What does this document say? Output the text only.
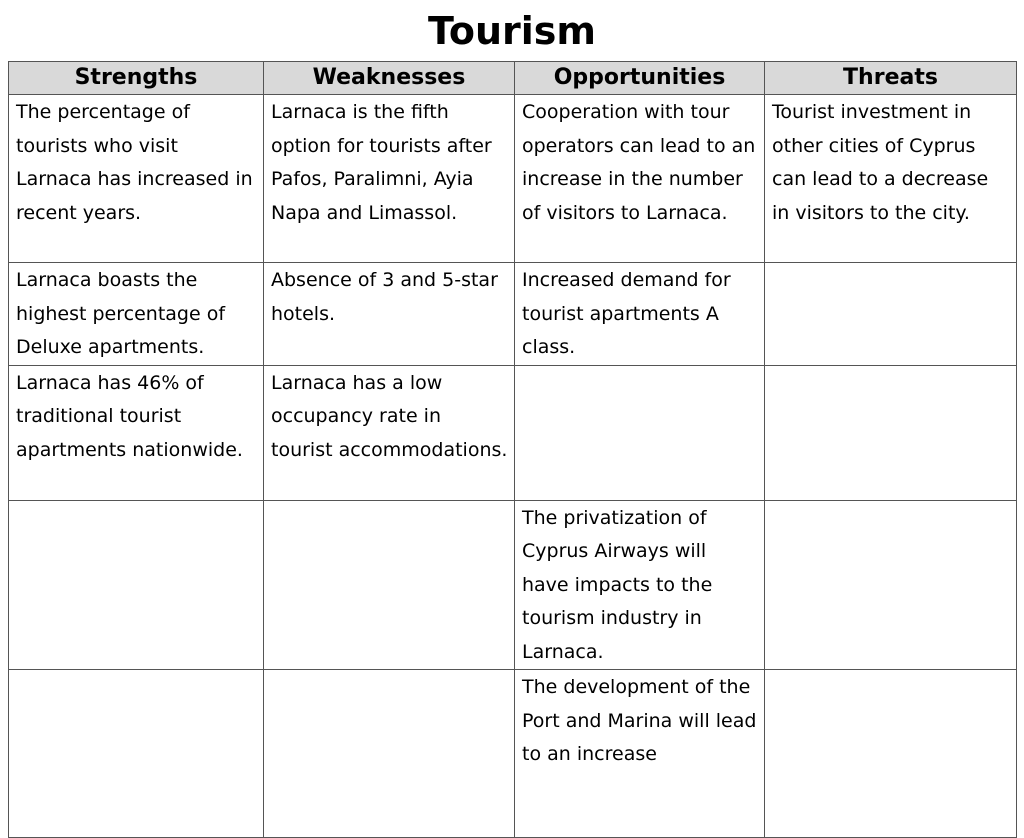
Tourism
Strengths	Weaknesses	Opportunities	Threats
The percentage of tourists who visit Larnaca has increased in recent years.	Larnaca is the fifth option for tourists after Pafos, Paralimni, Ayia Napa and Limassol.	Cooperation with tour operators can lead to an increase in the number of visitors to Larnaca.	Tourist investment in other cities of Cyprus can lead to a decrease in visitors to the city.
Larnaca boasts the highest percentage of Deluxe apartments.	Absence of 3 and 5-star hotels.	Increased demand for tourist apartments A class.	
Larnaca has 46% of traditional tourist apartments nationwide.	Larnaca has a low occupancy rate in tourist accommodations.		
		The privatization of Cyprus Airways will have impacts to the tourism industry in Larnaca.	
		The development of the Port and Marina will lead to an increase	
